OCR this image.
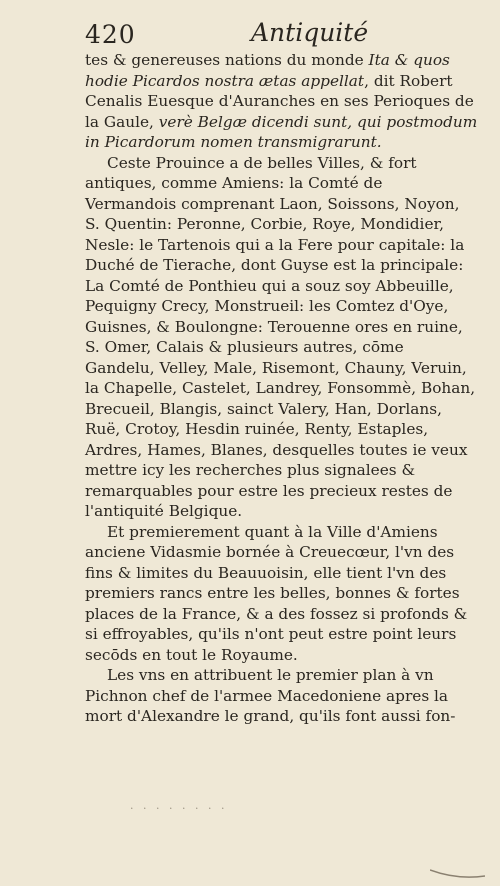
420	Antiquité

tes & genereuses nations du monde Ita & quos hodie Picardos nostra ætas appellat, dit Robert Cenalis Euesque d'Auranches en ses Perioques de la Gaule, verè Belgæ dicendi sunt, qui postmodum in Picardorum nomen transmigrarunt.

Ceste Prouince a de belles Villes, & fort antiques, comme Amiens: la Comté de Vermandois comprenant Laon, Soissons, Noyon, S. Quentin: Peronne, Corbie, Roye, Mondidier, Nesle: le Tartenois qui a la Fere pour capitale: la Duché de Tierache, dont Guyse est la principale: La Comté de Ponthieu qui a souz soy Abbeuille, Pequigny Crecy, Monstrueil: les Comtez d'Oye, Guisnes, & Boulongne: Terouenne ores en ruine, S. Omer, Calais & plusieurs autres, cōme Gandelu, Velley, Male, Risemont, Chauny, Veruin, la Chapelle, Castelet, Landrey, Fonsommè, Bohan, Brecueil, Blangis, sainct Valery, Han, Dorlans, Ruë, Crotoy, Hesdin ruinée, Renty, Estaples, Ardres, Hames, Blanes, desquelles toutes ie veux mettre icy les recherches plus signalees & remarquables pour estre les precieux restes de l'antiquité Belgique.

Et premierement quant à la Ville d'Amiens anciene Vidasmie bornée à Creuecœur, l'vn des fins & limites du Beauuoisin, elle tient l'vn des premiers rancs entre les belles, bonnes & fortes places de la France, & a des fossez si profonds & si effroyables, qu'ils n'ont peut estre point leurs secōds en tout le Royaume.

Les vns en attribuent le premier plan à vn Pichnon chef de l'armee Macedoniene apres la mort d'Alexandre le grand, qu'ils font aussi fon-

· · · · · · · ·
